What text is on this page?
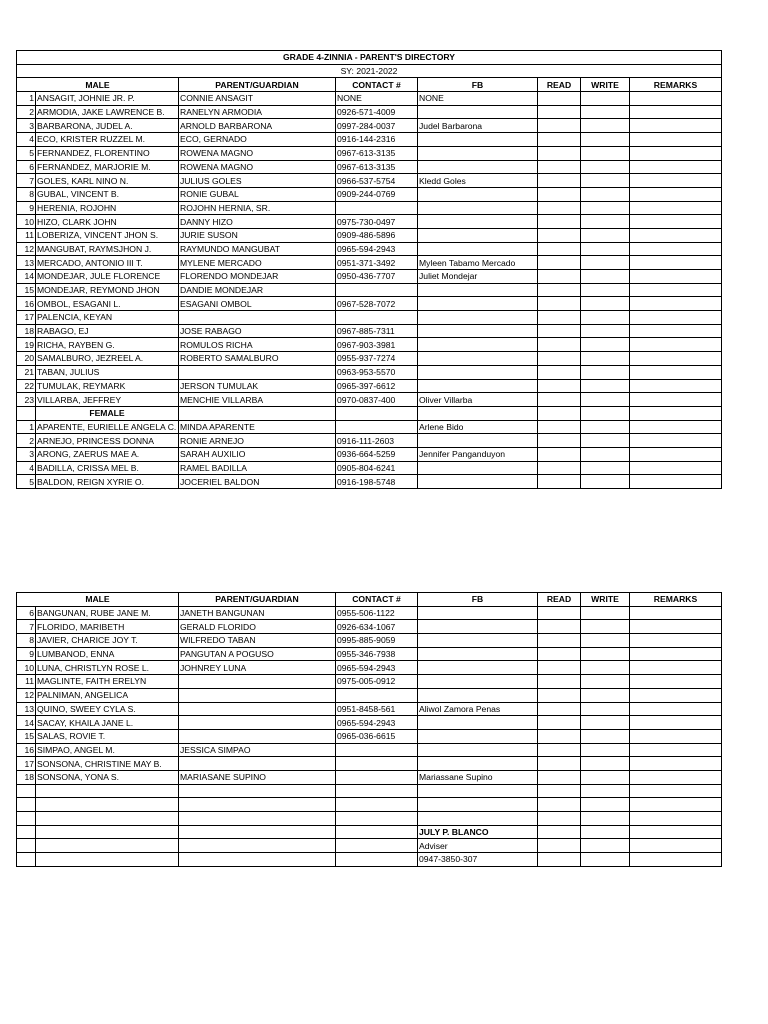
GRADE 4-ZINNIA - PARENT'S DIRECTORY							
SY: 2021-2022							
MALE		PARENT/GUARDIAN	CONTACT #	FB	READ	WRITE	REMARKS
1	ANSAGIT, JOHNIE JR. P.	CONNIE ANSAGIT	NONE	NONE			
2	ARMODIA, JAKE LAWRENCE B.	RANELYN ARMODIA	0926-571-4009				
3	BARBARONA, JUDEL A.	ARNOLD BARBARONA	0997-284-0037	Judel Barbarona			
4	ECO, KRISTER RUZZEL M.	ECO, GERNADO	0916-144-2316				
5	FERNANDEZ, FLORENTINO	ROWENA MAGNO	0967-613-3135				
6	FERNANDEZ, MARJORIE M.	ROWENA MAGNO	0967-613-3135				
7	GOLES, KARL NINO N.	JULIUS GOLES	0966-537-5754	Kledd Goles			
8	GUBAL, VINCENT B.	RONIE GUBAL	0909-244-0769				
9	HERENIA, ROJOHN	ROJOHN HERNIA, SR.					
10	HIZO, CLARK JOHN	DANNY HIZO	0975-730-0497				
11	LOBERIZA, VINCENT JHON S.	JURIE SUSON	0909-486-5896				
12	MANGUBAT, RAYMSJHON J.	RAYMUNDO MANGUBAT	0965-594-2943				
13	MERCADO, ANTONIO III T.	MYLENE MERCADO	0951-371-3492	Myleen Tabamo Mercado			
14	MONDEJAR, JULE FLORENCE	FLORENDO MONDEJAR	0950-436-7707	Juliet Mondejar			
15	MONDEJAR, REYMOND JHON	DANDIE MONDEJAR					
16	OMBOL, ESAGANI L.	ESAGANI OMBOL	0967-528-7072				
17	PALENCIA, KEYAN						
18	RABAGO, EJ	JOSE RABAGO	0967-885-7311				
19	RICHA, RAYBEN G.	ROMULOS RICHA	0967-903-3981				
20	SAMALBURO, JEZREEL A.	ROBERTO SAMALBURO	0955-937-7274				
21	TABAN, JULIUS		0963-953-5570				
22	TUMULAK, REYMARK	JERSON TUMULAK	0965-397-6612				
23	VILLARBA, JEFFREY	MENCHIE VILLARBA	0970-0837-400	Oliver Villarba			
	FEMALE						
1	APARENTE, EURIELLE ANGELA C.	MINDA APARENTE		Arlene Bido			
2	ARNEJO, PRINCESS DONNA	RONIE ARNEJO	0916-111-2603				
3	ARONG, ZAERUS MAE A.	SARAH AUXILIO	0936-664-5259	Jennifer Panganduyon			
4	BADILLA, CRISSA MEL B.	RAMEL BADILLA	0905-804-6241				
5	BALDON, REIGN XYRIE O.	JOCERIEL BALDON	0916-198-5748				
MALE		PARENT/GUARDIAN	CONTACT #	FB	READ	WRITE	REMARKS
6	BANGUNAN, RUBE JANE M.	JANETH BANGUNAN	0955-506-1122				
7	FLORIDO, MARIBETH	GERALD FLORIDO	0926-634-1067				
8	JAVIER, CHARICE JOY T.	WILFREDO TABAN	0995-885-9059				
9	LUMBANOD, ENNA	PANGUTAN A POGUSO	0955-346-7938				
10	LUNA, CHRISTLYN ROSE L.	JOHNREY LUNA	0965-594-2943				
11	MAGLINTE, FAITH ERELYN		0975-005-0912				
12	PALNIMAN, ANGELICA						
13	QUINO, SWEEY CYLA S.		0951-8458-561	Aliwol Zamora Penas			
14	SACAY, KHAILA JANE L.		0965-594-2943				
15	SALAS, ROVIE T.		0965-036-6615				
16	SIMPAO, ANGEL M.	JESSICA SIMPAO					
17	SONSONA, CHRISTINE MAY B.						
18	SONSONA, YONA S.	MARIASANE SUPINO		Mariassane Supino			

				JULY P. BLANCO			
				Adviser			
				0947-3850-307			
